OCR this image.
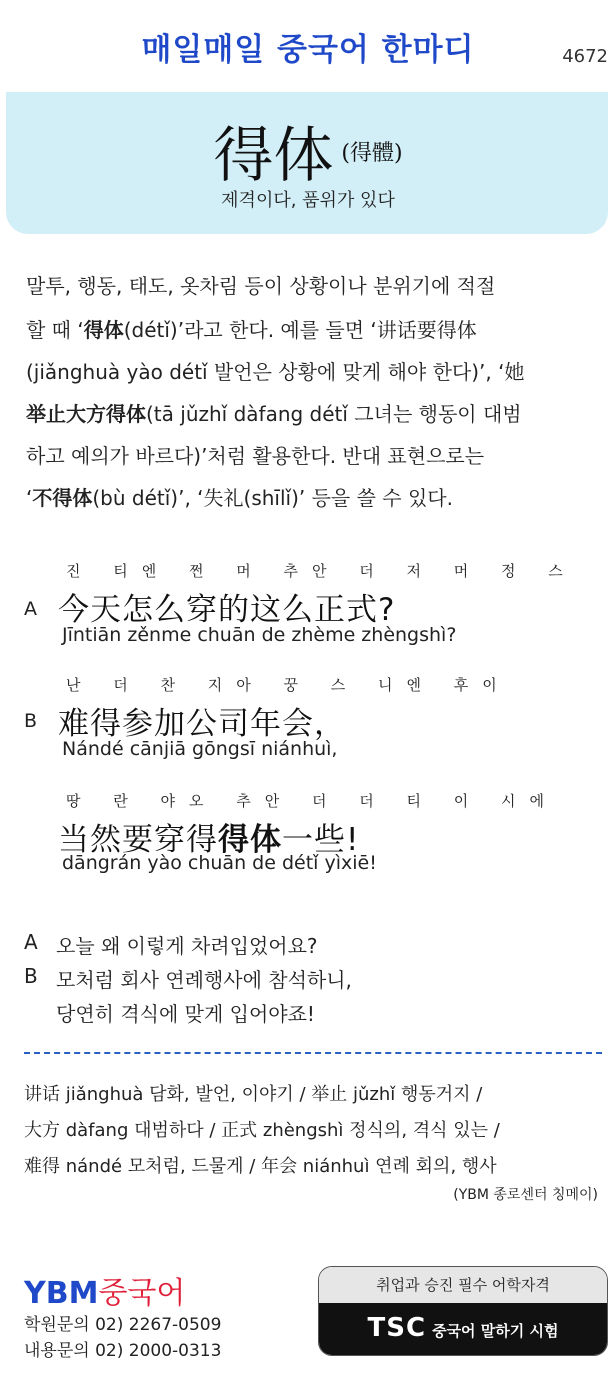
매일매일 중국어 한마디	4672
得体 (得體)
제격이다, 품위가 있다
말투, 행동, 태도, 옷차림 등이 상황이나 분위기에 적절
할 때 ‘得体(détǐ)’라고 한다. 예를 들면 ‘讲话要得体
(jiǎnghuà yào détǐ 발언은 상황에 맞게 해야 한다)’, ‘她
举止大方得体(tā jǔzhǐ dàfang détǐ 그녀는 행동이 대범
하고 예의가 바르다)’처럼 활용한다. 반대 표현으로는
‘不得体(bù détǐ)’, ‘失礼(shīlǐ)’ 등을 쓸 수 있다.
진 티엔 쩐 머 추안 더 저 머 정 스
A 今天怎么穿的这么正式?
Jīntiān zěnme chuān de zhème zhèngshì?
난 더 찬 지아 꿍 스 니엔 후이
B 难得参加公司年会，
Nándé cānjiā gōngsī niánhuì,
땅 란 야오 추안 더 더 티 이 시에
当然要穿得得体一些!
dāngrán yào chuān de détǐ yìxiē!
A 오늘 왜 이렇게 차려입었어요?
B 모처럼 회사 연례행사에 참석하니,
당연히 격식에 맞게 입어야죠!
讲话 jiǎnghuà 담화, 발언, 이야기 / 举止 jǔzhǐ 행동거지 /
大方 dàfang 대범하다 / 正式 zhèngshì 정식의, 격식 있는 /
难得 nándé 모처럼, 드물게 / 年会 niánhuì 연례 회의, 행사
(YBM 종로센터 칭메이)
YBM중국어
학원문의 02) 2267-0509
내용문의 02) 2000-0313
취업과 승진 필수 어학자격
TSC 중국어 말하기 시험
